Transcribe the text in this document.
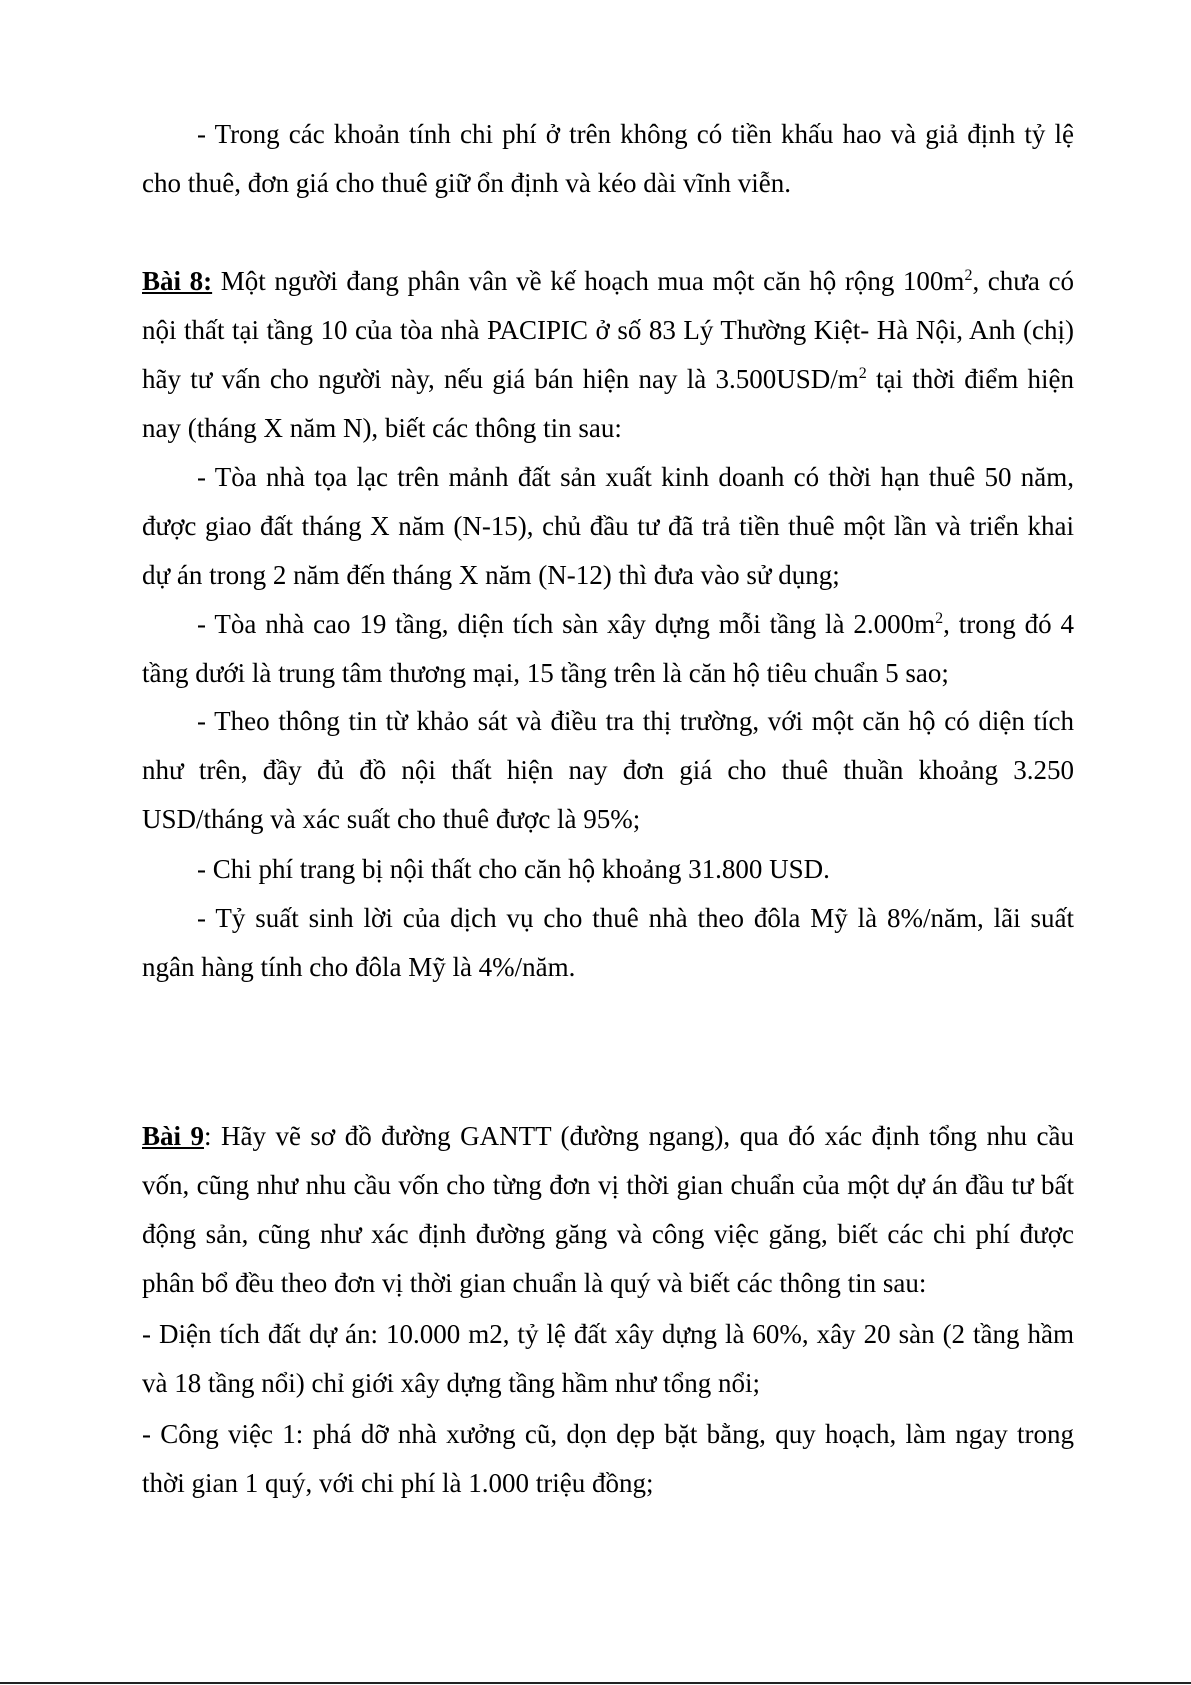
- Trong các khoản tính chi phí ở trên không có tiền khấu hao và giả định tỷ lệ cho thuê, đơn giá cho thuê giữ ổn định và kéo dài vĩnh viễn.

Bài 8: Một người đang phân vân về kế hoạch mua một căn hộ rộng $100m^2$, chưa có nội thất tại tầng 10 của tòa nhà PACIPIC ở số 83 Lý Thường Kiệt- Hà Nội, Anh (chị) hãy tư vấn cho người này, nếu giá bán hiện nay là $3.500USD/m^2$ tại thời điểm hiện nay (tháng X năm N), biết các thông tin sau:

- Tòa nhà tọa lạc trên mảnh đất sản xuất kinh doanh có thời hạn thuê 50 năm, được giao đất tháng X năm (N-15), chủ đầu tư đã trả tiền thuê một lần và triển khai dự án trong 2 năm đến tháng X năm (N-12) thì đưa vào sử dụng;

- Tòa nhà cao 19 tầng, diện tích sàn xây dựng mỗi tầng là $2.000m^2$, trong đó 4 tầng dưới là trung tâm thương mại, 15 tầng trên là căn hộ tiêu chuẩn 5 sao;

- Theo thông tin từ khảo sát và điều tra thị trường, với một căn hộ có diện tích như trên, đầy đủ đồ nội thất hiện nay đơn giá cho thuê thuần khoảng 3.250 USD/tháng và xác suất cho thuê được là 95%;

- Chi phí trang bị nội thất cho căn hộ khoảng 31.800 USD.

- Tỷ suất sinh lời của dịch vụ cho thuê nhà theo đôla Mỹ là 8%/năm, lãi suất ngân hàng tính cho đôla Mỹ là 4%/năm.

Bài 9: Hãy vẽ sơ đồ đường GANTT (đường ngang), qua đó xác định tổng nhu cầu vốn, cũng như nhu cầu vốn cho từng đơn vị thời gian chuẩn của một dự án đầu tư bất động sản, cũng như xác định đường găng và công việc găng, biết các chi phí được phân bổ đều theo đơn vị thời gian chuẩn là quý và biết các thông tin sau:

- Diện tích đất dự án: 10.000 m2, tỷ lệ đất xây dựng là 60%, xây 20 sàn (2 tầng hầm và 18 tầng nổi) chỉ giới xây dựng tầng hầm như tổng nổi;

- Công việc 1: phá dỡ nhà xưởng cũ, dọn dẹp bặt bằng, quy hoạch, làm ngay trong thời gian 1 quý, với chi phí là 1.000 triệu đồng;
